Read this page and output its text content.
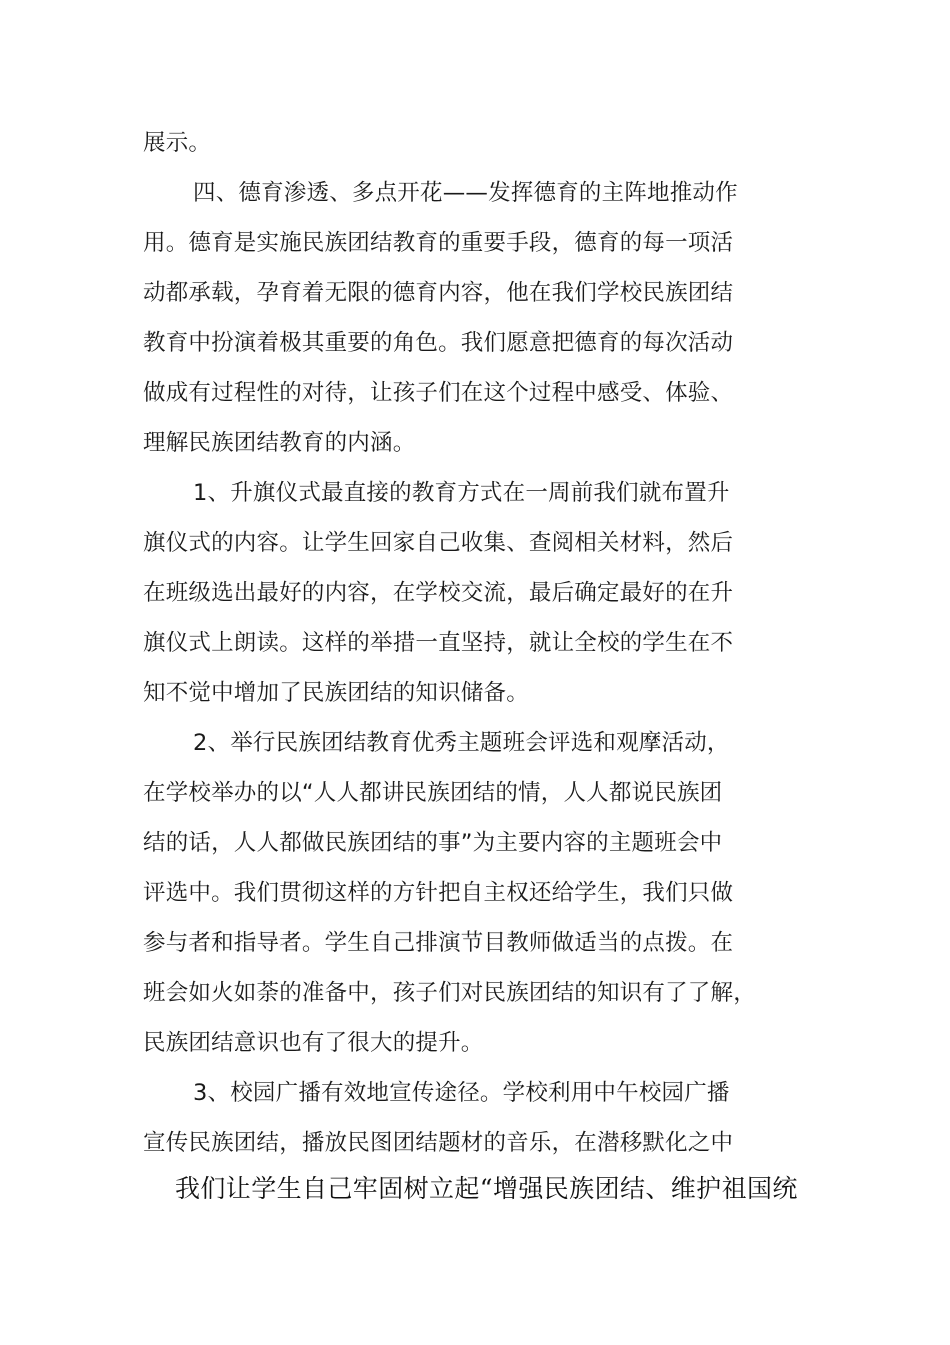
展示。
四、德育渗透、多点开花——发挥德育的主阵地推动作
用。德育是实施民族团结教育的重要手段，德育的每一项活
动都承载，孕育着无限的德育内容，他在我们学校民族团结
教育中扮演着极其重要的角色。我们愿意把德育的每次活动
做成有过程性的对待，让孩子们在这个过程中感受、体验、
理解民族团结教育的内涵。
1、升旗仪式最直接的教育方式在一周前我们就布置升
旗仪式的内容。让学生回家自己收集、查阅相关材料，然后
在班级选出最好的内容，在学校交流，最后确定最好的在升
旗仪式上朗读。这样的举措一直坚持，就让全校的学生在不
知不觉中增加了民族团结的知识储备。
2、举行民族团结教育优秀主题班会评选和观摩活动，
在学校举办的以“人人都讲民族团结的情，人人都说民族团
结的话，人人都做民族团结的事”为主要内容的主题班会中
评选中。我们贯彻这样的方针把自主权还给学生，我们只做
参与者和指导者。学生自己排演节目教师做适当的点拨。在
班会如火如荼的准备中，孩子们对民族团结的知识有了了解，
民族团结意识也有了很大的提升。
3、校园广播有效地宣传途径。学校利用中午校园广播
宣传民族团结，播放民图团结题材的音乐，在潜移默化之中
我们让学生自己牢固树立起“增强民族团结、维护祖国统
